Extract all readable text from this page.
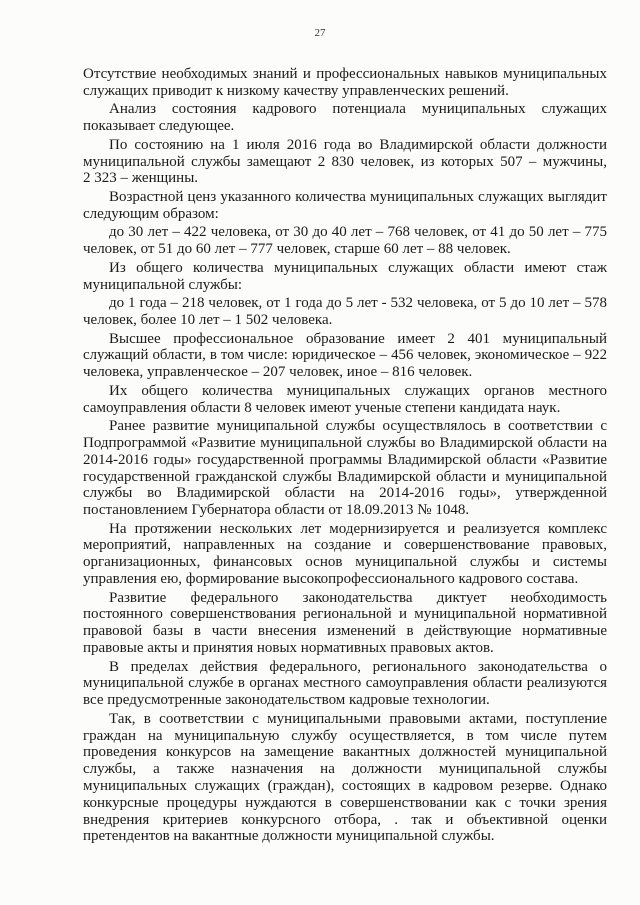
27
Отсутствие необходимых знаний и профессиональных навыков муниципальных
служащих приводит к низкому качеству управленческих решений.
Анализ состояния кадрового потенциала муниципальных служащих
показывает следующее.
По состоянию на 1 июля 2016 года во Владимирской области должности
муниципальной службы замещают 2 830 человек, из которых 507 – мужчины,
2 323 – женщины.
Возрастной ценз указанного количества муниципальных служащих выглядит
следующим образом:
до 30 лет – 422 человека, от 30 до 40 лет – 768 человек, от 41 до 50 лет – 775
человек, от 51 до 60 лет – 777 человек, старше 60 лет – 88 человек.
Из общего количества муниципальных служащих области имеют стаж
муниципальной службы:
до 1 года – 218 человек, от 1 года до 5 лет - 532 человека, от 5 до 10 лет – 578
человек, более 10 лет – 1 502 человека.
Высшее профессиональное образование имеет 2 401 муниципальный
служащий области, в том числе: юридическое – 456 человек, экономическое – 922
человека, управленческое – 207 человек, иное – 816 человек.
Их общего количества муниципальных служащих органов местного
самоуправления области 8 человек имеют ученые степени кандидата наук.
Ранее развитие муниципальной службы осуществлялось в соответствии с
Подпрограммой «Развитие муниципальной службы во Владимирской области на
2014-2016 годы» государственной программы Владимирской области «Развитие
государственной гражданской службы Владимирской области и муниципальной
службы во Владимирской области на 2014-2016 годы», утвержденной
постановлением Губернатора области от 18.09.2013 № 1048.
На протяжении нескольких лет модернизируется и реализуется комплекс
мероприятий, направленных на создание и совершенствование правовых,
организационных, финансовых основ муниципальной службы и системы
управления ею, формирование высокопрофессионального кадрового состава.
Развитие федерального законодательства диктует необходимость
постоянного совершенствования региональной и муниципальной нормативной
правовой базы в части внесения изменений в действующие нормативные
правовые акты и принятия новых нормативных правовых актов.
В пределах действия федерального, регионального законодательства о
муниципальной службе в органах местного самоуправления области реализуются
все предусмотренные законодательством кадровые технологии.
Так, в соответствии с муниципальными правовыми актами, поступление
граждан на муниципальную службу осуществляется, в том числе путем
проведения конкурсов на замещение вакантных должностей муниципальной
службы, а также назначения на должности муниципальной службы
муниципальных служащих (граждан), состоящих в кадровом резерве. Однако
конкурсные процедуры нуждаются в совершенствовании как с точки зрения
внедрения критериев конкурсного отбора, . так и объективной оценки
претендентов на вакантные должности муниципальной службы.
